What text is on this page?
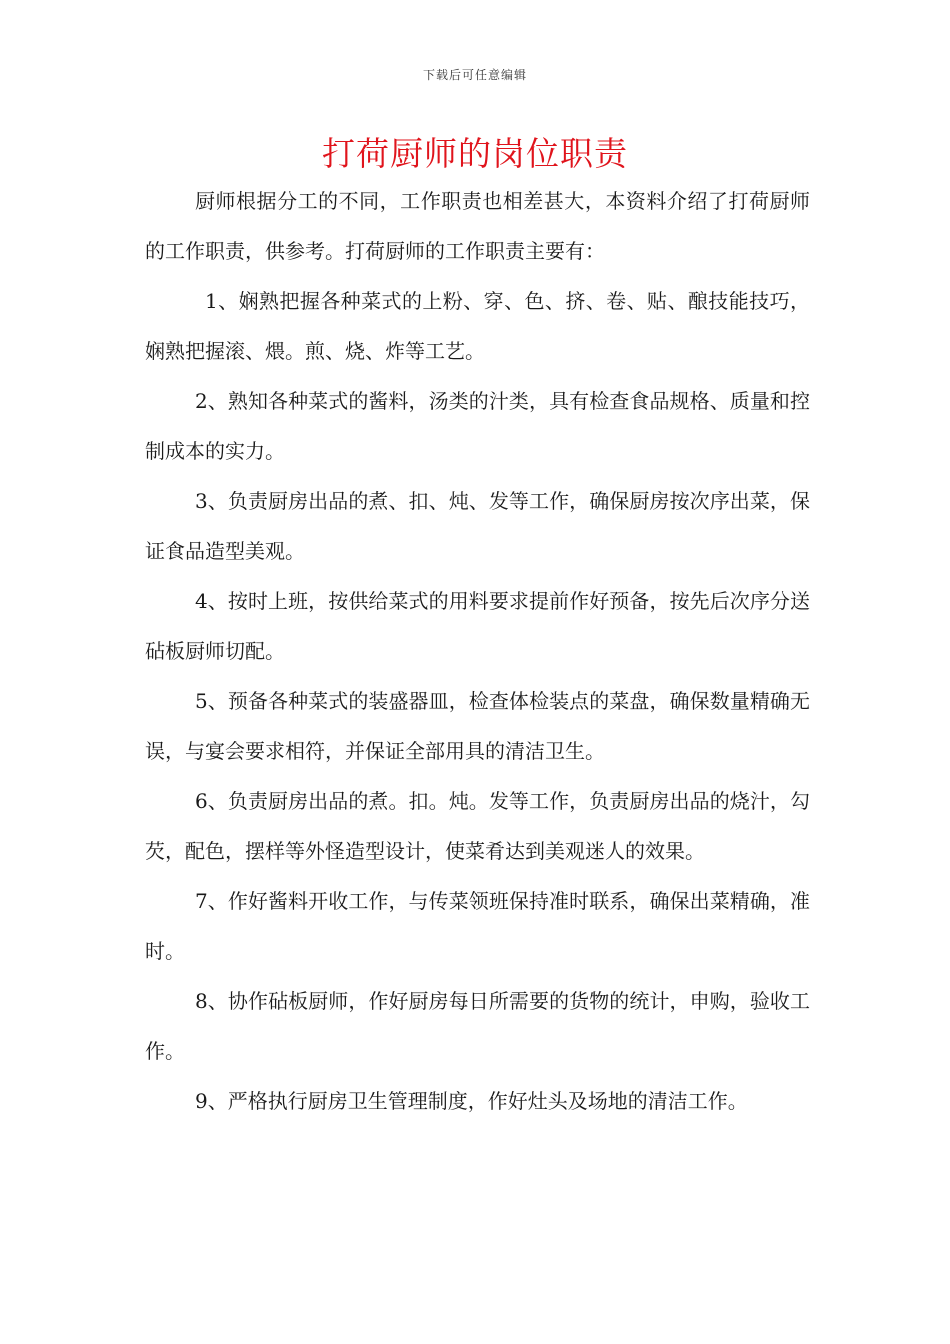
下载后可任意编辑
打荷厨师的岗位职责

厨师根据分工的不同，工作职责也相差甚大，本资料介绍了打荷厨师的工作职责，供参考。打荷厨师的工作职责主要有：

1、娴熟把握各种菜式的上粉、穿、色、挤、卷、贴、酿技能技巧，娴熟把握滚、煨。煎、烧、炸等工艺。

2、熟知各种菜式的酱料，汤类的汁类，具有检查食品规格、质量和控制成本的实力。

3、负责厨房出品的煮、扣、炖、发等工作，确保厨房按次序出菜，保证食品造型美观。

4、按时上班，按供给菜式的用料要求提前作好预备，按先后次序分送砧板厨师切配。

5、预备各种菜式的装盛器皿，检查体检装点的菜盘，确保数量精确无误，与宴会要求相符，并保证全部用具的清洁卫生。

6、负责厨房出品的煮。扣。炖。发等工作，负责厨房出品的烧汁，勾芡，配色，摆样等外怪造型设计，使菜肴达到美观迷人的效果。

7、作好酱料开收工作，与传菜领班保持准时联系，确保出菜精确，准时。

8、协作砧板厨师，作好厨房每日所需要的货物的统计，申购，验收工作。

9、严格执行厨房卫生管理制度，作好灶头及场地的清洁工作。
